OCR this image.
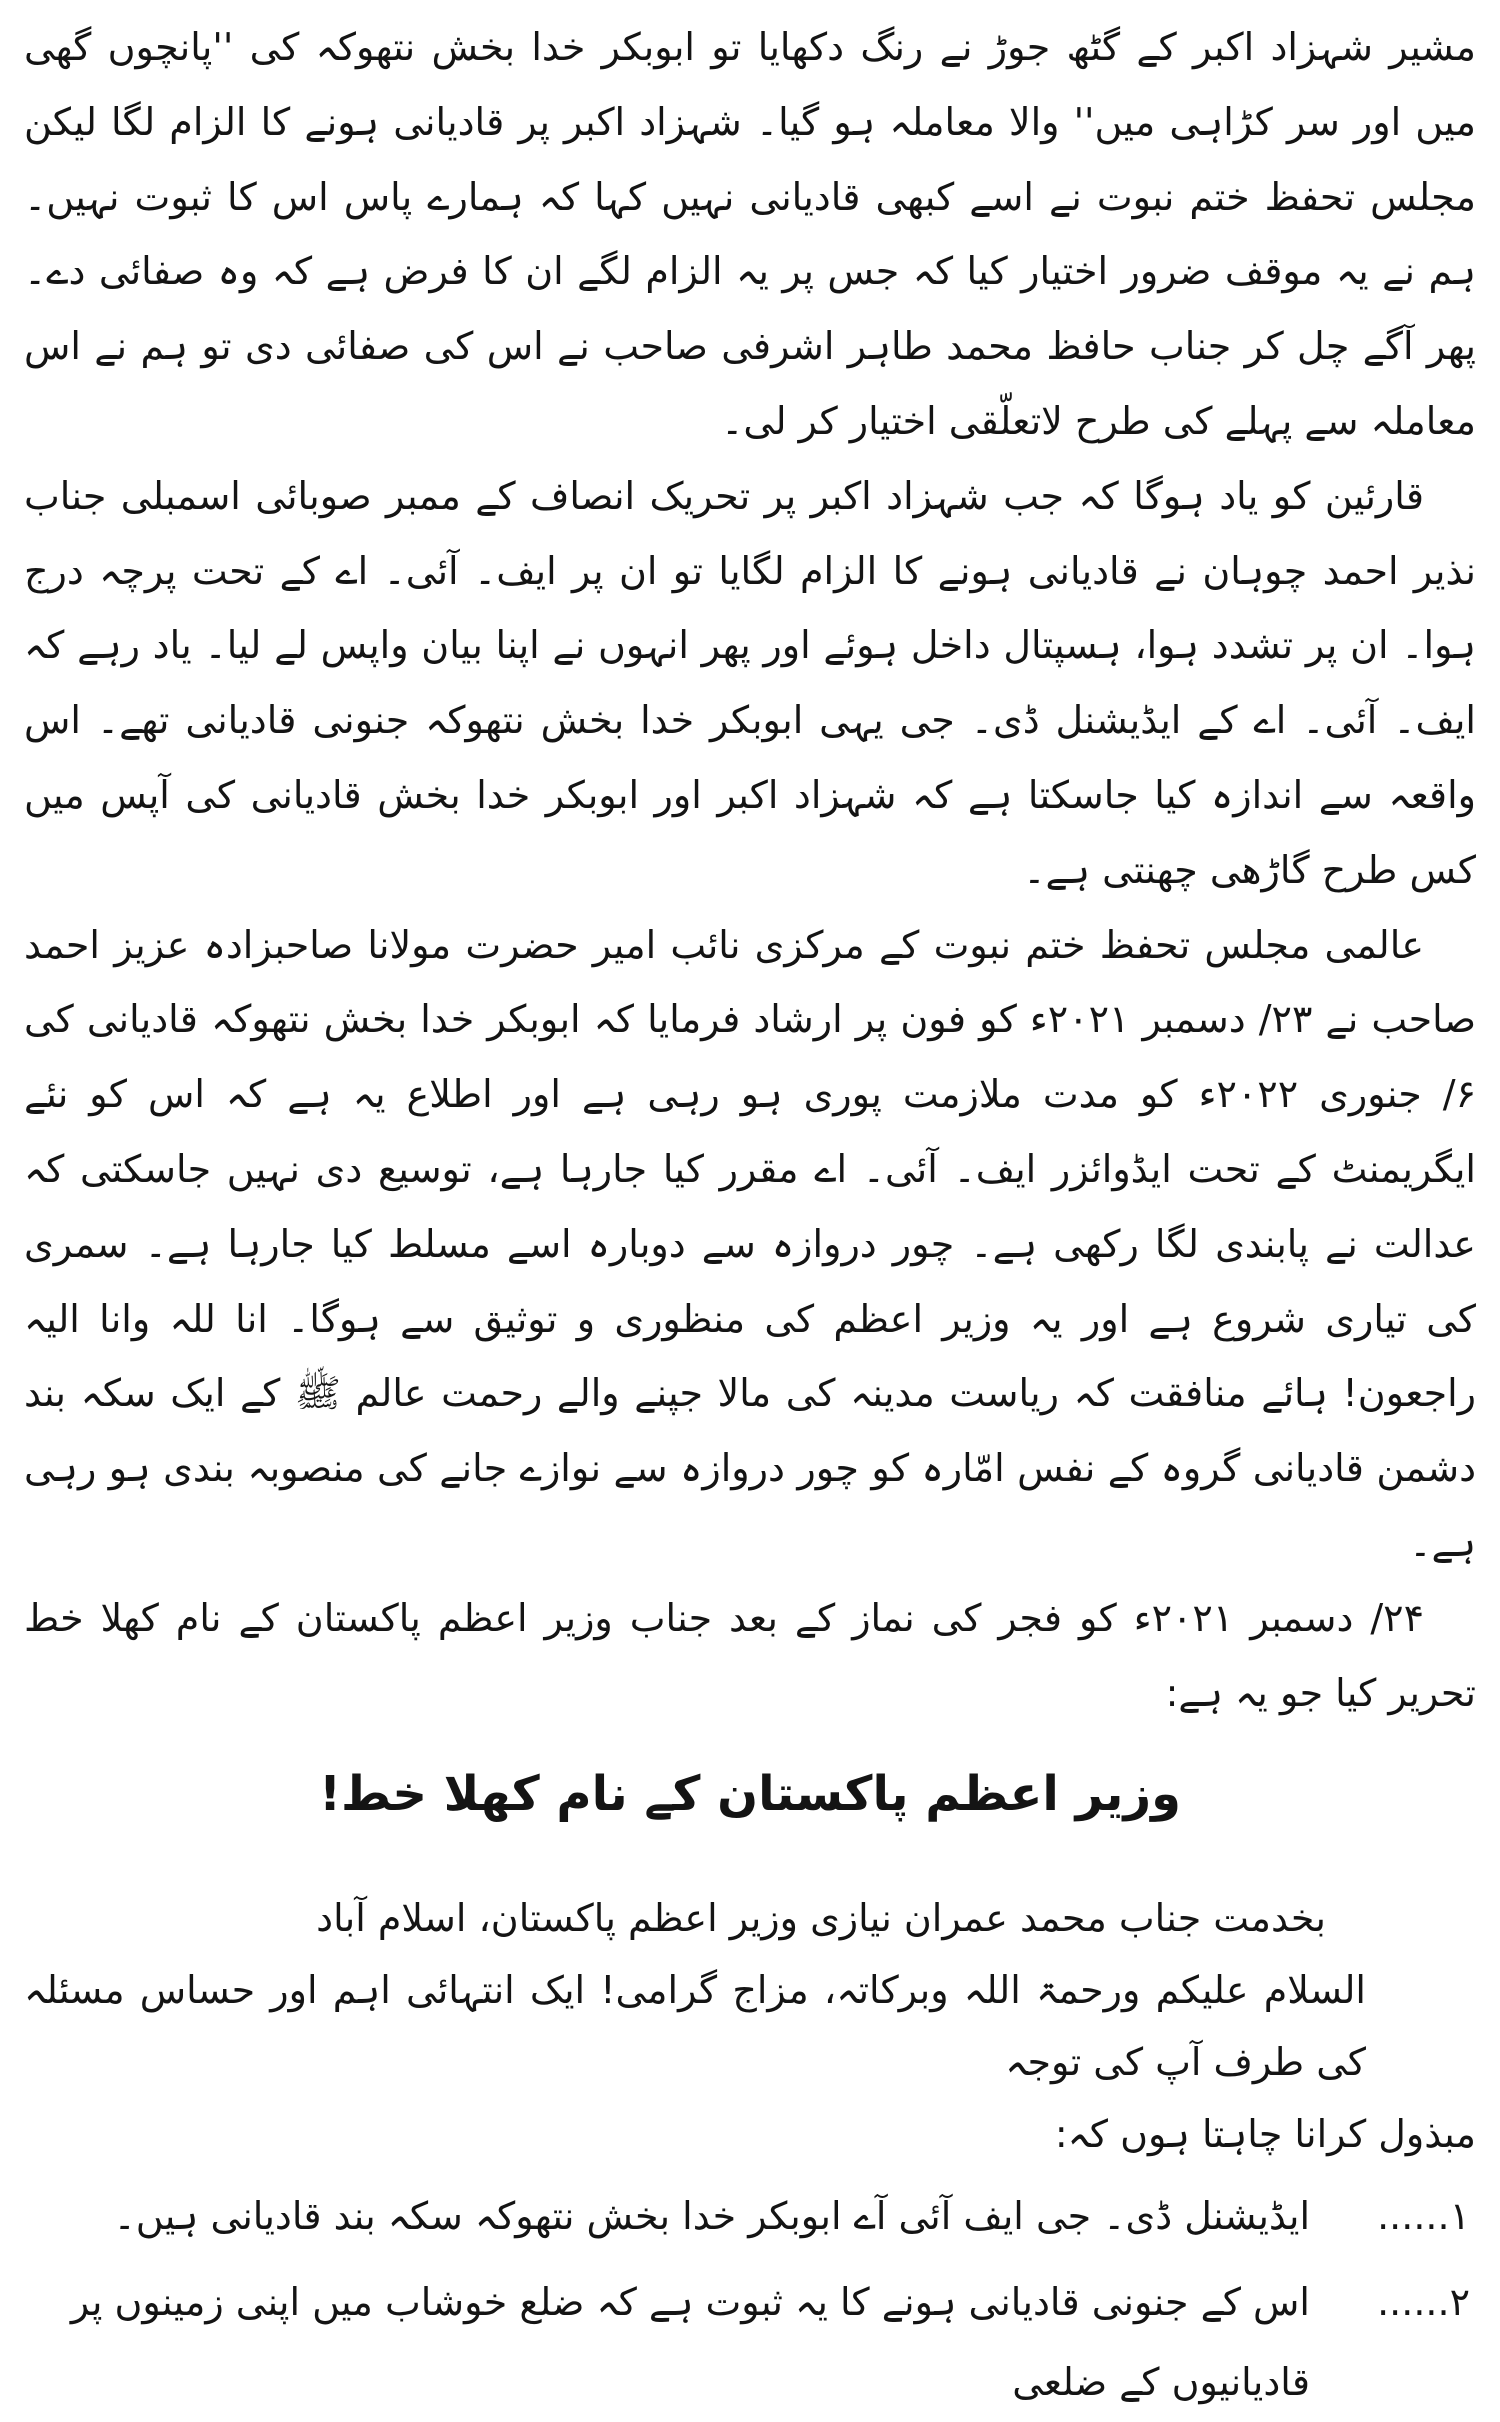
مشیر شہزاد اکبر کے گٹھ جوڑ نے رنگ دکھایا تو ابوبکر خدا بخش نتھوکہ کی ''پانچوں گھی میں اور سر کڑاہی میں'' والا معاملہ ہو گیا۔ شہزاد اکبر پر قادیانی ہونے کا الزام لگا لیکن مجلس تحفظ ختم نبوت نے اسے کبھی قادیانی نہیں کہا کہ ہمارے پاس اس کا ثبوت نہیں۔ ہم نے یہ موقف ضرور اختیار کیا کہ جس پر یہ الزام لگے ان کا فرض ہے کہ وہ صفائی دے۔ پھر آگے چل کر جناب حافظ محمد طاہر اشرفی صاحب نے اس کی صفائی دی تو ہم نے اس معاملہ سے پہلے کی طرح لاتعلّقی اختیار کر لی۔

قارئین کو یاد ہوگا کہ جب شہزاد اکبر پر تحریک انصاف کے ممبر صوبائی اسمبلی جناب نذیر احمد چوہان نے قادیانی ہونے کا الزام لگایا تو ان پر ایف۔ آئی۔ اے کے تحت پرچہ درج ہوا۔ ان پر تشدد ہوا، ہسپتال داخل ہوئے اور پھر انہوں نے اپنا بیان واپس لے لیا۔ یاد رہے کہ ایف۔ آئی۔ اے کے ایڈیشنل ڈی۔ جی یہی ابوبکر خدا بخش نتھوکہ جنونی قادیانی تھے۔ اس واقعہ سے اندازہ کیا جاسکتا ہے کہ شہزاد اکبر اور ابوبکر خدا بخش قادیانی کی آپس میں کس طرح گاڑھی چھنتی ہے۔

عالمی مجلس تحفظ ختم نبوت کے مرکزی نائب امیر حضرت مولانا صاحبزادہ عزیز احمد صاحب نے ۲۳/ دسمبر ۲۰۲۱ء کو فون پر ارشاد فرمایا کہ ابوبکر خدا بخش نتھوکہ قادیانی کی ۶/ جنوری ۲۰۲۲ء کو مدت ملازمت پوری ہو رہی ہے اور اطلاع یہ ہے کہ اس کو نئے ایگریمنٹ کے تحت ایڈوائزر ایف۔ آئی۔ اے مقرر کیا جارہا ہے، توسیع دی نہیں جاسکتی کہ عدالت نے پابندی لگا رکھی ہے۔ چور دروازہ سے دوبارہ اسے مسلط کیا جارہا ہے۔ سمری کی تیاری شروع ہے اور یہ وزیر اعظم کی منظوری و توثیق سے ہوگا۔ انا للہ وانا الیہ راجعون! ہائے منافقت کہ ریاست مدینہ کی مالا جپنے والے رحمت عالم ﷺ کے ایک سکہ بند دشمن قادیانی گروہ کے نفس امّارہ کو چور دروازہ سے نوازے جانے کی منصوبہ بندی ہو رہی ہے۔

۲۴/ دسمبر ۲۰۲۱ء کو فجر کی نماز کے بعد جناب وزیر اعظم پاکستان کے نام کھلا خط تحریر کیا جو یہ ہے:

وزیر اعظم پاکستان کے نام کھلا خط!

بخدمت جناب محمد عمران نیازی وزیر اعظم پاکستان، اسلام آباد

السلام علیکم ورحمۃ اللہ وبرکاتہ، مزاج گرامی! ایک انتہائی اہم اور حساس مسئلہ کی طرف آپ کی توجہ

مبذول کرانا چاہتا ہوں کہ:

۱......
ایڈیشنل ڈی۔ جی ایف آئی آے ابوبکر خدا بخش نتھوکہ سکہ بند قادیانی ہیں۔
۲......
اس کے جنونی قادیانی ہونے کا یہ ثبوت ہے کہ ضلع خوشاب میں اپنی زمینوں پر قادیانیوں کے ضلعی
